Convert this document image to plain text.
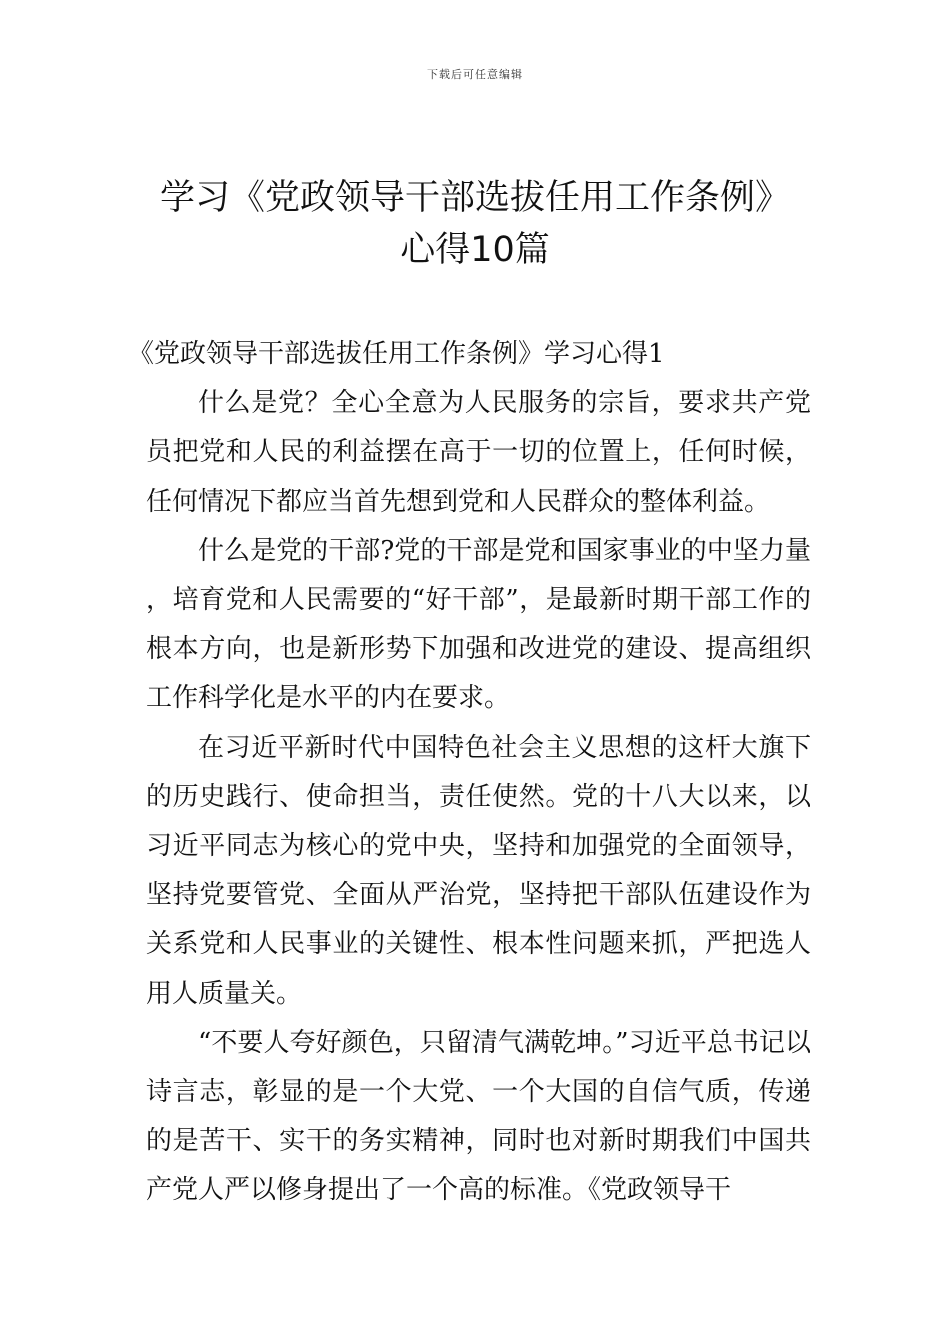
下载后可任意编辑
学习《党政领导干部选拔任用工作条例》
心得10篇

《党政领导干部选拔任用工作条例》学习心得1

什么是党？全心全意为人民服务的宗旨，要求共产党员把党和人民的利益摆在高于一切的位置上，任何时候，任何情况下都应当首先想到党和人民群众的整体利益。

什么是党的干部?党的干部是党和国家事业的中坚力量，培育党和人民需要的“好干部”，是最新时期干部工作的根本方向，也是新形势下加强和改进党的建设、提高组织工作科学化是水平的内在要求。

在习近平新时代中国特色社会主义思想的这杆大旗下的历史践行、使命担当，责任使然。党的十八大以来，以习近平同志为核心的党中央，坚持和加强党的全面领导，坚持党要管党、全面从严治党，坚持把干部队伍建设作为关系党和人民事业的关键性、根本性问题来抓，严把选人用人质量关。

“不要人夸好颜色，只留清气满乾坤。”习近平总书记以诗言志，彰显的是一个大党、一个大国的自信气质，传递的是苦干、实干的务实精神，同时也对新时期我们中国共产党人严以修身提出了一个高的标准。《党政领导干
